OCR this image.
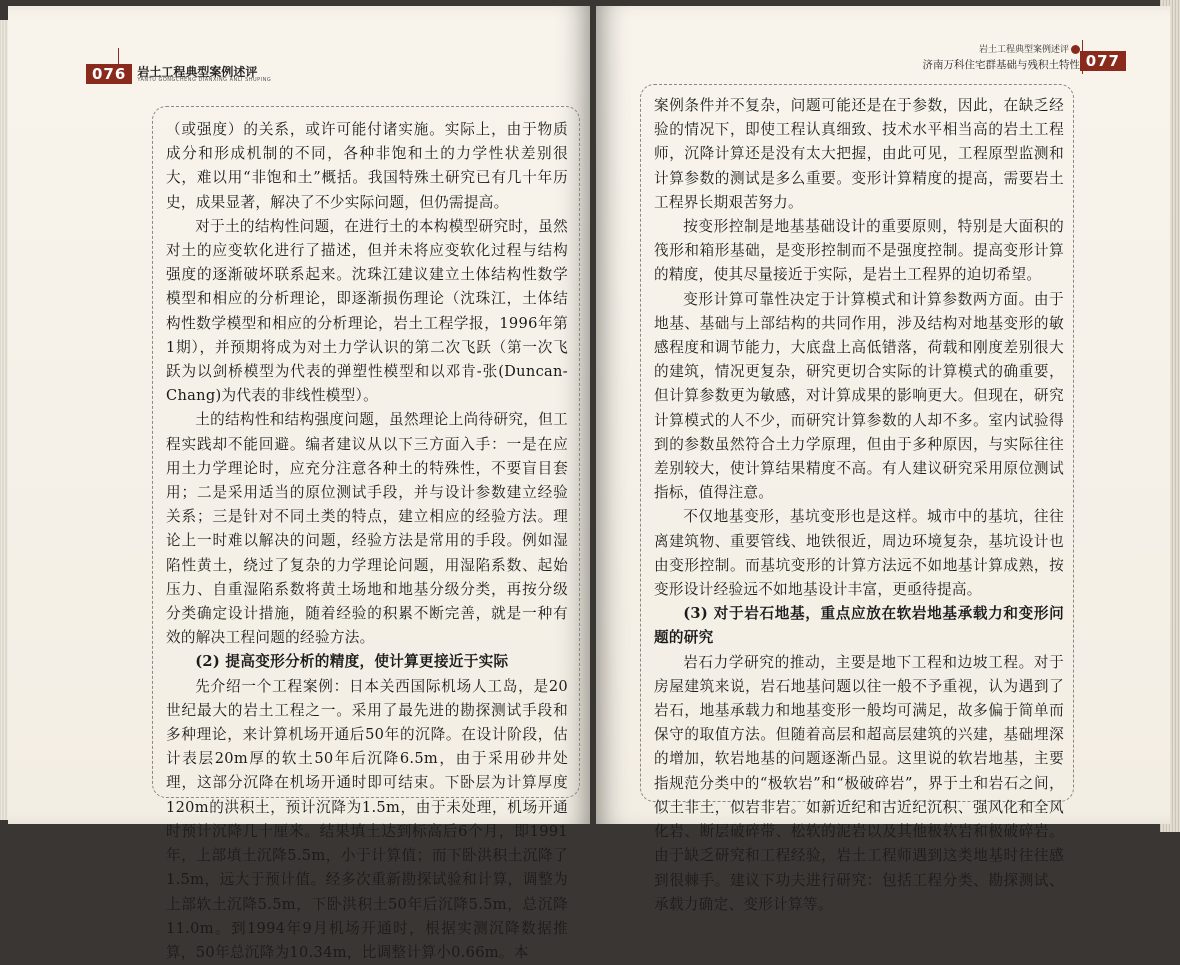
076 岩土工程典型案例述评
YANTU GONGCHENG DIANXING ANLI SHUPING
岩土工程典型案例述评
济南万科住宅群基础与残积土特性 077

（或强度）的关系，或许可能付诸实施。实际上，由于物质成分和形成机制的不同，各种非饱和土的力学性状差别很大，难以用“非饱和土”概括。我国特殊土研究已有几十年历史，成果显著，解决了不少实际问题，但仍需提高。

对于土的结构性问题，在进行土的本构模型研究时，虽然对土的应变软化进行了描述，但并未将应变软化过程与结构强度的逐渐破坏联系起来。沈珠江建议建立土体结构性数学模型和相应的分析理论，即逐渐损伤理论（沈珠江，土体结构性数学模型和相应的分析理论，岩土工程学报，1996年第1期），并预期将成为对土力学认识的第二次飞跃（第一次飞跃为以剑桥模型为代表的弹塑性模型和以邓肯-张(Duncan-Chang)为代表的非线性模型）。

土的结构性和结构强度问题，虽然理论上尚待研究，但工程实践却不能回避。编者建议从以下三方面入手：一是在应用土力学理论时，应充分注意各种土的特殊性，不要盲目套用；二是采用适当的原位测试手段，并与设计参数建立经验关系；三是针对不同土类的特点，建立相应的经验方法。理论上一时难以解决的问题，经验方法是常用的手段。例如湿陷性黄土，绕过了复杂的力学理论问题，用湿陷系数、起始压力、自重湿陷系数将黄土场地和地基分级分类，再按分级分类确定设计措施，随着经验的积累不断完善，就是一种有效的解决工程问题的经验方法。

(2) 提高变形分析的精度，使计算更接近于实际

先介绍一个工程案例：日本关西国际机场人工岛，是20世纪最大的岩土工程之一。采用了最先进的勘探测试手段和多种理论，来计算机场开通后50年的沉降。在设计阶段，估计表层20m厚的软土50年后沉降6.5m，由于采用砂井处理，这部分沉降在机场开通时即可结束。下卧层为计算厚度120m的洪积土，预计沉降为1.5m，由于未处理，机场开通时预计沉降几十厘米。结果填土达到标高后6个月，即1991年，上部填土沉降5.5m，小于计算值；而下卧洪积土沉降了1.5m，远大于预计值。经多次重新勘探试验和计算，调整为上部软土沉降5.5m，下卧洪积土50年后沉降5.5m，总沉降11.0m。到1994年9月机场开通时，根据实测沉降数据推算，50年总沉降为10.34m，比调整计算小0.66m。本

案例条件并不复杂，问题可能还是在于参数，因此，在缺乏经验的情况下，即使工程认真细致、技术水平相当高的岩土工程师，沉降计算还是没有太大把握，由此可见，工程原型监测和计算参数的测试是多么重要。变形计算精度的提高，需要岩土工程界长期艰苦努力。

按变形控制是地基基础设计的重要原则，特别是大面积的筏形和箱形基础，是变形控制而不是强度控制。提高变形计算的精度，使其尽量接近于实际，是岩土工程界的迫切希望。

变形计算可靠性决定于计算模式和计算参数两方面。由于地基、基础与上部结构的共同作用，涉及结构对地基变形的敏感程度和调节能力，大底盘上高低错落，荷载和刚度差别很大的建筑，情况更复杂，研究更切合实际的计算模式的确重要，但计算参数更为敏感，对计算成果的影响更大。但现在，研究计算模式的人不少，而研究计算参数的人却不多。室内试验得到的参数虽然符合土力学原理，但由于多种原因，与实际往往差别较大，使计算结果精度不高。有人建议研究采用原位测试指标，值得注意。

不仅地基变形，基坑变形也是这样。城市中的基坑，往往离建筑物、重要管线、地铁很近，周边环境复杂，基坑设计也由变形控制。而基坑变形的计算方法远不如地基计算成熟，按变形设计经验远不如地基设计丰富，更亟待提高。

(3) 对于岩石地基，重点应放在软岩地基承载力和变形问题的研究

岩石力学研究的推动，主要是地下工程和边坡工程。对于房屋建筑来说，岩石地基问题以往一般不予重视，认为遇到了岩石，地基承载力和地基变形一般均可满足，故多偏于简单而保守的取值方法。但随着高层和超高层建筑的兴建，基础埋深的增加，软岩地基的问题逐渐凸显。这里说的软岩地基，主要指规范分类中的“极软岩”和“极破碎岩”，界于土和岩石之间，似土非土，似岩非岩。如新近纪和古近纪沉积、强风化和全风化岩、断层破碎带、松软的泥岩以及其他极软岩和极破碎岩。由于缺乏研究和工程经验，岩土工程师遇到这类地基时往往感到很棘手。建议下功夫进行研究：包括工程分类、勘探测试、承载力确定、变形计算等。
